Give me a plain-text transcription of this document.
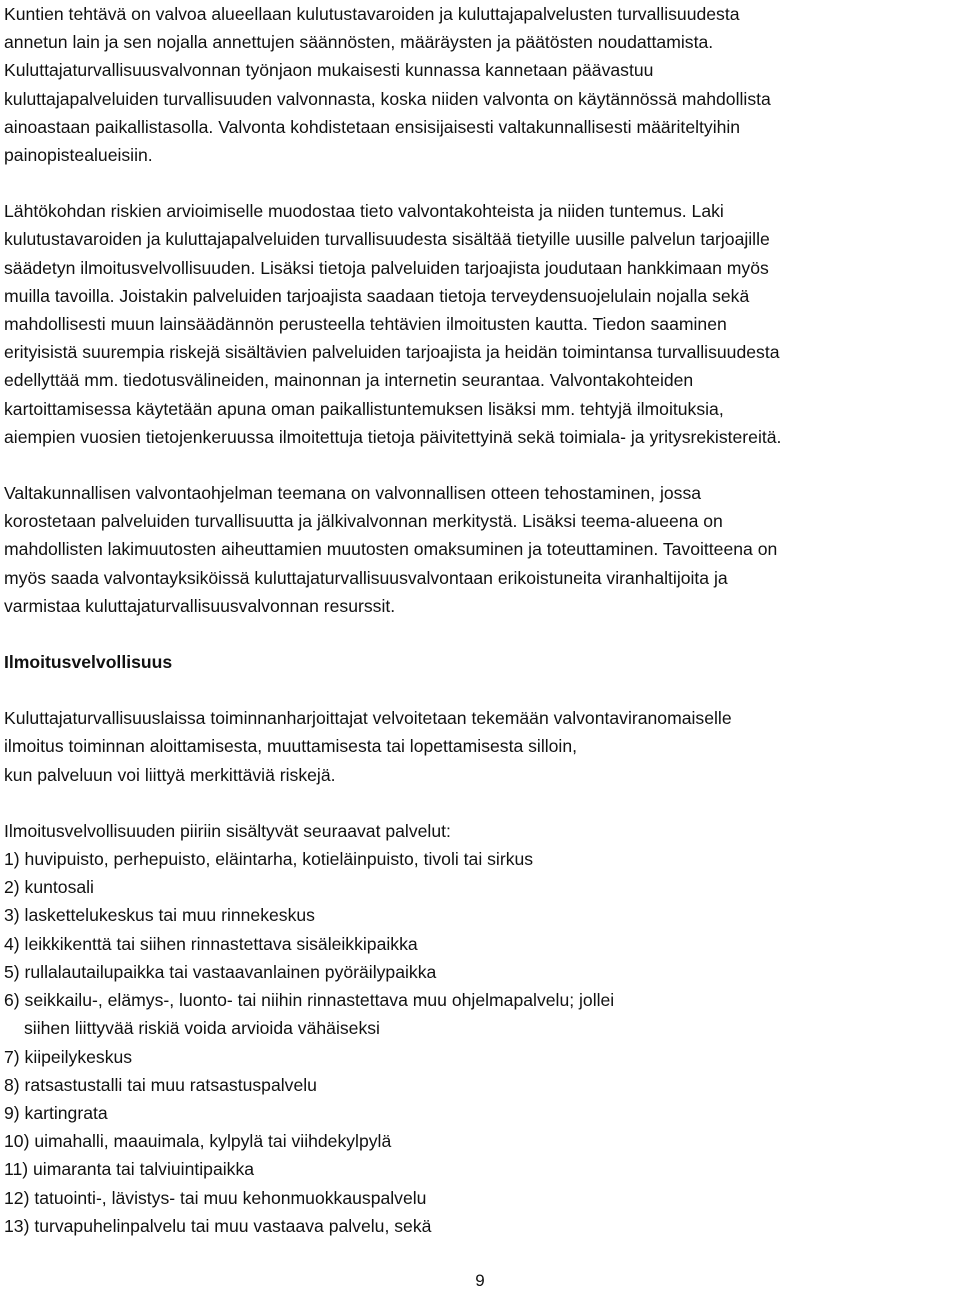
Kuntien tehtävä on valvoa alueellaan kulutustavaroiden ja kuluttajapalvelusten turvallisuudesta
annetun lain ja sen nojalla annettujen säännösten, määräysten ja päätösten noudattamista.
Kuluttajaturvallisuusvalvonnan työnjaon mukaisesti kunnassa kannetaan päävastuu
kuluttajapalveluiden turvallisuuden valvonnasta, koska niiden valvonta on käytännössä mahdollista
ainoastaan paikallistasolla. Valvonta kohdistetaan ensisijaisesti valtakunnallisesti määriteltyihin
painopistealueisiin.

Lähtökohdan riskien arvioimiselle muodostaa tieto valvontakohteista ja niiden tuntemus. Laki
kulutustavaroiden ja kuluttajapalveluiden turvallisuudesta sisältää tietyille uusille palvelun tarjoajille
säädetyn ilmoitusvelvollisuuden. Lisäksi tietoja palveluiden tarjoajista joudutaan hankkimaan myös
muilla tavoilla. Joistakin palveluiden tarjoajista saadaan tietoja terveydensuojelulain nojalla sekä
mahdollisesti muun lainsäädännön perusteella tehtävien ilmoitusten kautta. Tiedon saaminen
erityisistä suurempia riskejä sisältävien palveluiden tarjoajista ja heidän toimintansa turvallisuudesta
edellyttää mm. tiedotusvälineiden, mainonnan ja internetin seurantaa. Valvontakohteiden
kartoittamisessa käytetään apuna oman paikallistuntemuksen lisäksi mm. tehtyjä ilmoituksia,
aiempien vuosien tietojenkeruussa ilmoitettuja tietoja päivitettyinä sekä toimiala- ja yritysrekistereitä.

Valtakunnallisen valvontaohjelman teemana on valvonnallisen otteen tehostaminen, jossa
korostetaan palveluiden turvallisuutta ja jälkivalvonnan merkitystä. Lisäksi teema-alueena on
mahdollisten lakimuutosten aiheuttamien muutosten omaksuminen ja toteuttaminen. Tavoitteena on
myös saada valvontayksiköissä kuluttajaturvallisuusvalvontaan erikoistuneita viranhaltijoita ja
varmistaa kuluttajaturvallisuusvalvonnan resurssit.

Ilmoitusvelvollisuus

Kuluttajaturvallisuuslaissa toiminnanharjoittajat velvoitetaan tekemään valvontaviranomaiselle
ilmoitus toiminnan aloittamisesta, muuttamisesta tai lopettamisesta silloin,
kun palveluun voi liittyä merkittäviä riskejä.

Ilmoitusvelvollisuuden piiriin sisältyvät seuraavat palvelut:

1) huvipuisto, perhepuisto, eläintarha, kotieläinpuisto, tivoli tai sirkus

2) kuntosali

3) laskettelukeskus tai muu rinnekeskus

4) leikkikenttä tai siihen rinnastettava sisäleikkipaikka

5) rullalautailupaikka tai vastaavanlainen pyöräilypaikka

6) seikkailu-, elämys-, luonto- tai niihin rinnastettava muu ohjelmapalvelu; jollei
siihen liittyvää riskiä voida arvioida vähäiseksi

7) kiipeilykeskus

8) ratsastustalli tai muu ratsastuspalvelu

9) kartingrata

10) uimahalli, maauimala, kylpylä tai viihdekylpylä

11) uimaranta tai talviuintipaikka

12) tatuointi-, lävistys- tai muu kehonmuokkauspalvelu

13) turvapuhelinpalvelu tai muu vastaava palvelu, sekä

9
